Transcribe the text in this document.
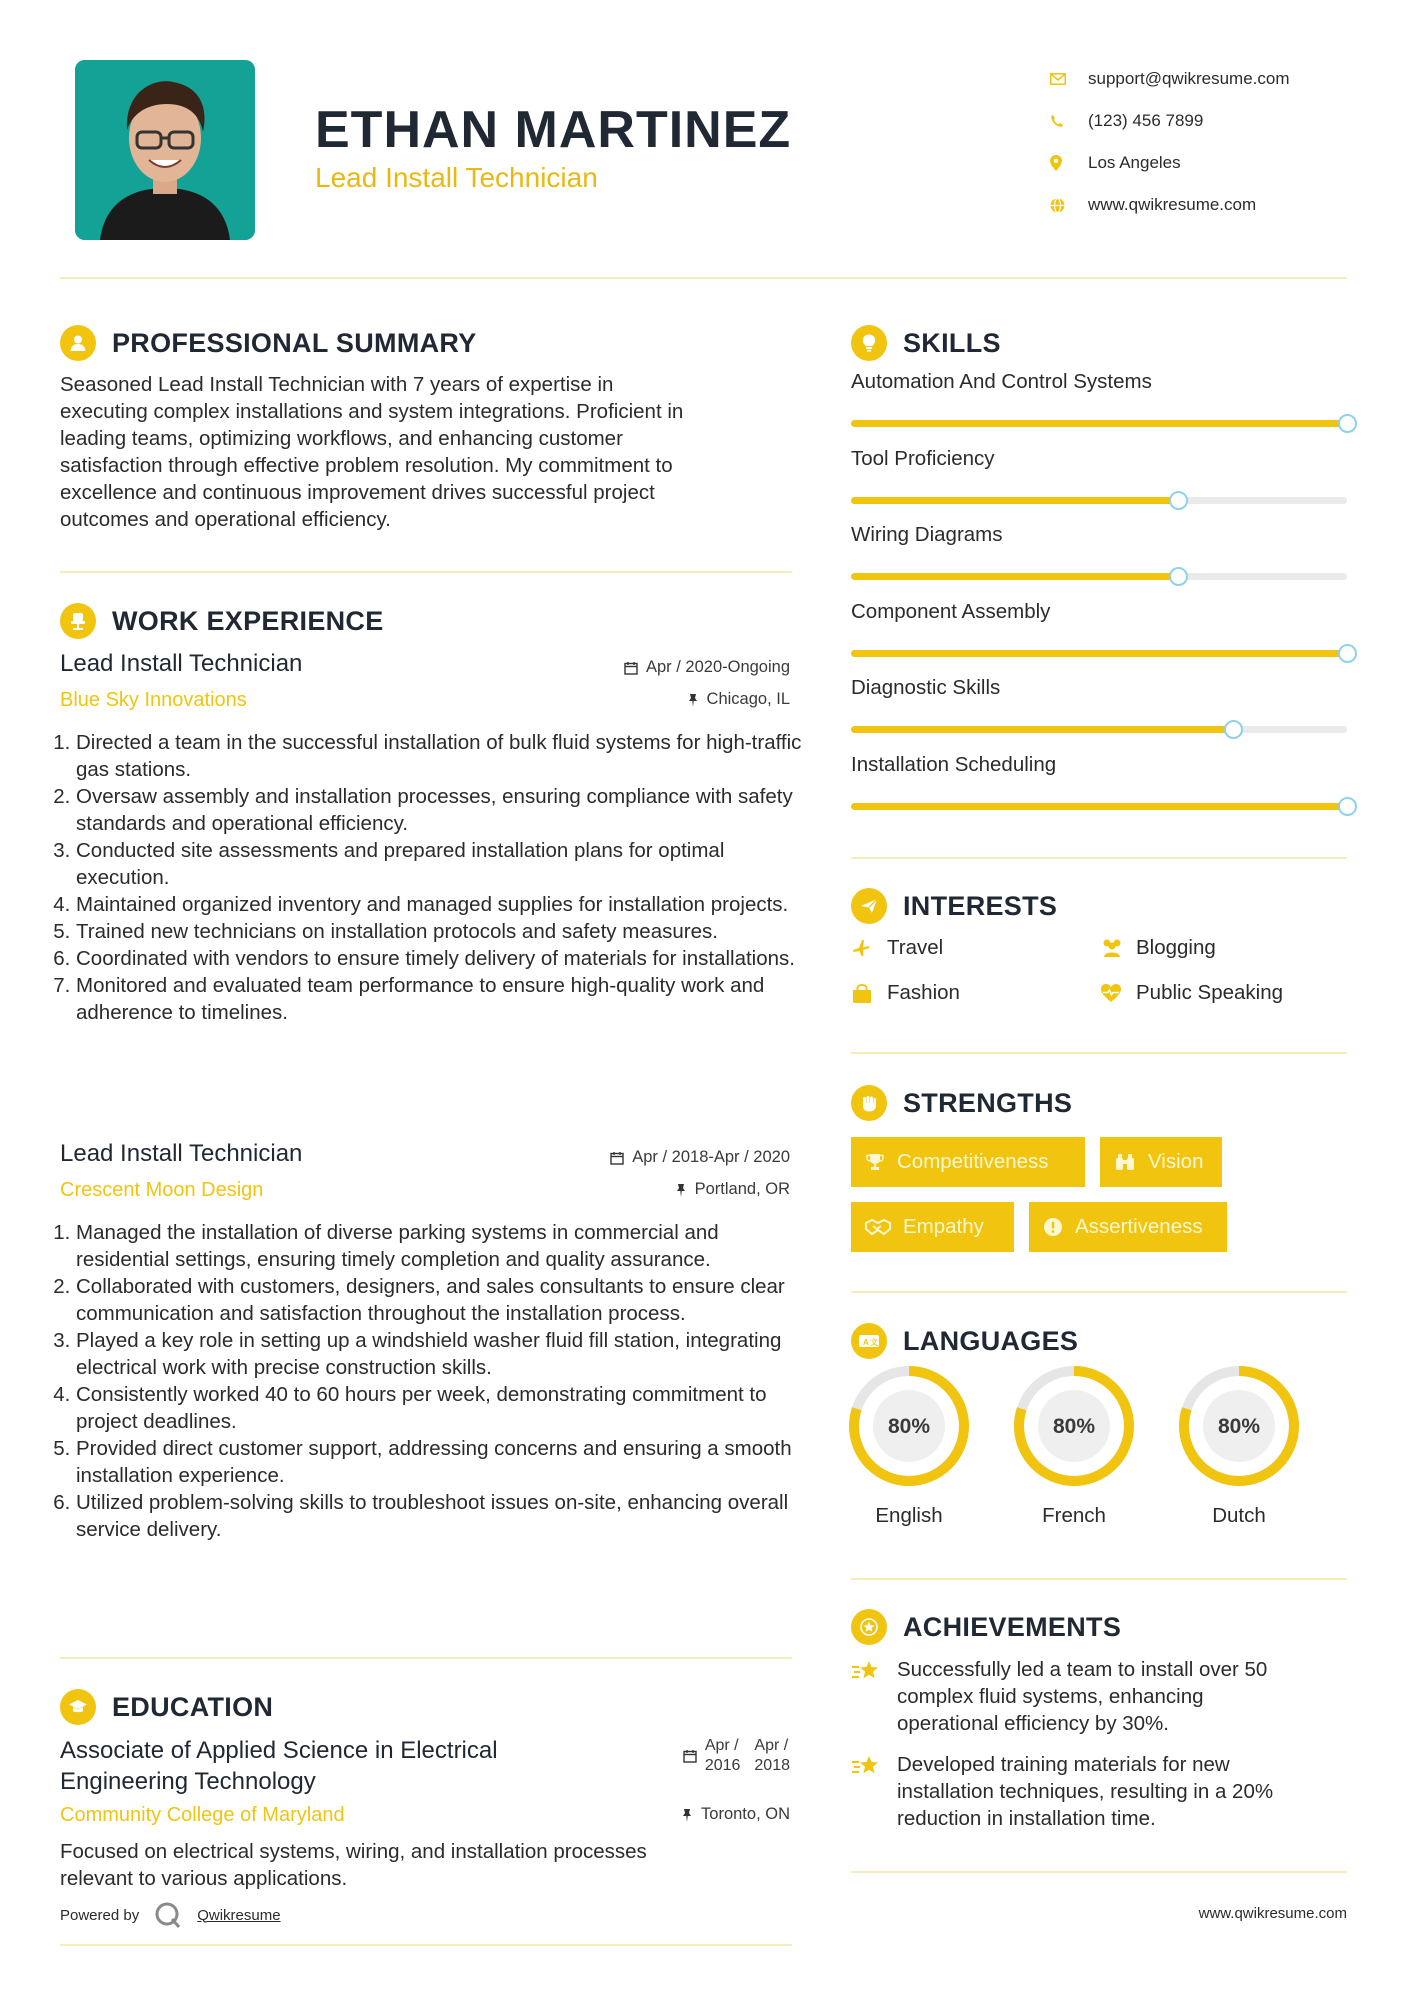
ETHAN MARTINEZ
Lead Install Technician
support@qwikresume.com
(123) 456 7899
Los Angeles
www.qwikresume.com
PROFESSIONAL SUMMARY
Seasoned Lead Install Technician with 7 years of expertise in
executing complex installations and system integrations. Proficient in
leading teams, optimizing workflows, and enhancing customer
satisfaction through effective problem resolution. My commitment to
excellence and continuous improvement drives successful project
outcomes and operational efficiency.
WORK EXPERIENCE
Lead Install Technician
Blue Sky Innovations
Apr / 2020-Ongoing
Chicago, IL
1. Directed a team in the successful installation of bulk fluid systems for high-traffic gas stations.
2. Oversaw assembly and installation processes, ensuring compliance with safety standards and operational efficiency.
3. Conducted site assessments and prepared installation plans for optimal execution.
4. Maintained organized inventory and managed supplies for installation projects.
5. Trained new technicians on installation protocols and safety measures.
6. Coordinated with vendors to ensure timely delivery of materials for installations.
7. Monitored and evaluated team performance to ensure high-quality work and adherence to timelines.
Lead Install Technician
Crescent Moon Design
Apr / 2018-Apr / 2020
Portland, OR
1. Managed the installation of diverse parking systems in commercial and residential settings, ensuring timely completion and quality assurance.
2. Collaborated with customers, designers, and sales consultants to ensure clear communication and satisfaction throughout the installation process.
3. Played a key role in setting up a windshield washer fluid fill station, integrating electrical work with precise construction skills.
4. Consistently worked 40 to 60 hours per week, demonstrating commitment to project deadlines.
5. Provided direct customer support, addressing concerns and ensuring a smooth installation experience.
6. Utilized problem-solving skills to troubleshoot issues on-site, enhancing overall service delivery.
EDUCATION
Associate of Applied Science in Electrical
Engineering Technology
Apr /
2016
Apr /
2018
Community College of Maryland	Toronto, ON
Focused on electrical systems, wiring, and installation processes
relevant to various applications.
Powered by	Qwikresume
SKILLS
Automation And Control Systems
Tool Proficiency
Wiring Diagrams
Component Assembly
Diagnostic Skills
Installation Scheduling
INTERESTS
Travel	Blogging
Fashion	Public Speaking
STRENGTHS
Competitiveness	Vision
Empathy	Assertiveness
A 文 LANGUAGES
80%
English
80%
French
80%
Dutch
ACHIEVEMENTS
Successfully led a team to install over 50
complex fluid systems, enhancing
operational efficiency by 30%.
Developed training materials for new
installation techniques, resulting in a 20%
reduction in installation time.
www.qwikresume.com
